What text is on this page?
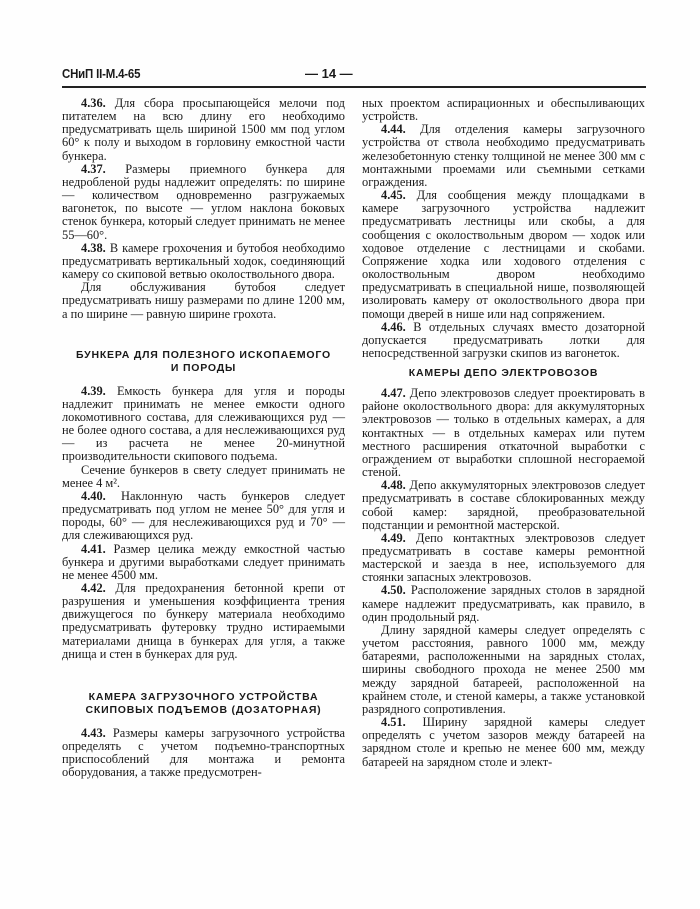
СНиП II-М.4-65	— 14 —

4.36. Для сбора просыпающейся мелочи под питателем на всю длину его необходимо предусматривать щель шириной 1500 мм под углом 60° к полу и выходом в горловину емкостной части бункера.

4.37. Размеры приемного бункера для недробленой руды надлежит определять: по ширине — количеством одновременно разгружаемых вагонеток, по высоте — углом наклона боковых стенок бункера, который следует принимать не менее 55—60°.

4.38. В камере грохочения и бутобоя необходимо предусматривать вертикальный ходок, соединяющий камеру со скиповой ветвью околоствольного двора.

Для обслуживания бутобоя следует предусматривать нишу размерами по длине 1200 мм, а по ширине — равную ширине грохота.

БУНКЕРА ДЛЯ ПОЛЕЗНОГО ИСКОПАЕМОГО
И ПОРОДЫ

4.39. Емкость бункера для угля и породы надлежит принимать не менее емкости одного локомотивного состава, для слеживающихся руд — не более одного состава, а для неслеживающихся руд — из расчета не менее 20-минутной производительности скипового подъема.

Сечение бункеров в свету следует принимать не менее 4 м².

4.40. Наклонную часть бункеров следует предусматривать под углом не менее 50° для угля и породы, 60° — для неслеживающихся руд и 70° — для слеживающихся руд.

4.41. Размер целика между емкостной частью бункера и другими выработками следует принимать не менее 4500 мм.

4.42. Для предохранения бетонной крепи от разрушения и уменьшения коэффициента трения движущегося по бункеру материала необходимо предусматривать футеровку трудно истираемыми материалами днища в бункерах для угля, а также днища и стен в бункерах для руд.

КАМЕРА ЗАГРУЗОЧНОГО УСТРОЙСТВА
СКИПОВЫХ ПОДЪЕМОВ (ДОЗАТОРНАЯ)

4.43. Размеры камеры загрузочного устройства определять с учетом подъемно-транспортных приспособлений для монтажа и ремонта оборудования, а также предусмотрен-

ных проектом аспирационных и обеспыливающих устройств.

4.44. Для отделения камеры загрузочного устройства от ствола необходимо предусматривать железобетонную стенку толщиной не менее 300 мм с монтажными проемами или съемными сетками ограждения.

4.45. Для сообщения между площадками в камере загрузочного устройства надлежит предусматривать лестницы или скобы, а для сообщения с околоствольным двором — ходок или ходовое отделение с лестницами и скобами. Сопряжение ходка или ходового отделения с околоствольным двором необходимо предусматривать в специальной нише, позволяющей изолировать камеру от околоствольного двора при помощи дверей в нише или над сопряжением.

4.46. В отдельных случаях вместо дозаторной допускается предусматривать лотки для непосредственной загрузки скипов из вагонеток.

КАМЕРЫ ДЕПО ЭЛЕКТРОВОЗОВ

4.47. Депо электровозов следует проектировать в районе околоствольного двора: для аккумуляторных электровозов — только в отдельных камерах, а для контактных — в отдельных камерах или путем местного расширения откаточной выработки с ограждением от выработки сплошной несгораемой стеной.

4.48. Депо аккумуляторных электровозов следует предусматривать в составе сблокированных между собой камер: зарядной, преобразовательной подстанции и ремонтной мастерской.

4.49. Депо контактных электровозов следует предусматривать в составе камеры ремонтной мастерской и заезда в нее, используемого для стоянки запасных электровозов.

4.50. Расположение зарядных столов в зарядной камере надлежит предусматривать, как правило, в один продольный ряд.

Длину зарядной камеры следует определять с учетом расстояния, равного 1000 мм, между батареями, расположенными на зарядных столах, ширины свободного прохода не менее 2500 мм между зарядной батареей, расположенной на крайнем столе, и стеной камеры, а также установкой разрядного сопротивления.

4.51. Ширину зарядной камеры следует определять с учетом зазоров между батареей на зарядном столе и крепью не менее 600 мм, между батареей на зарядном столе и элект-
